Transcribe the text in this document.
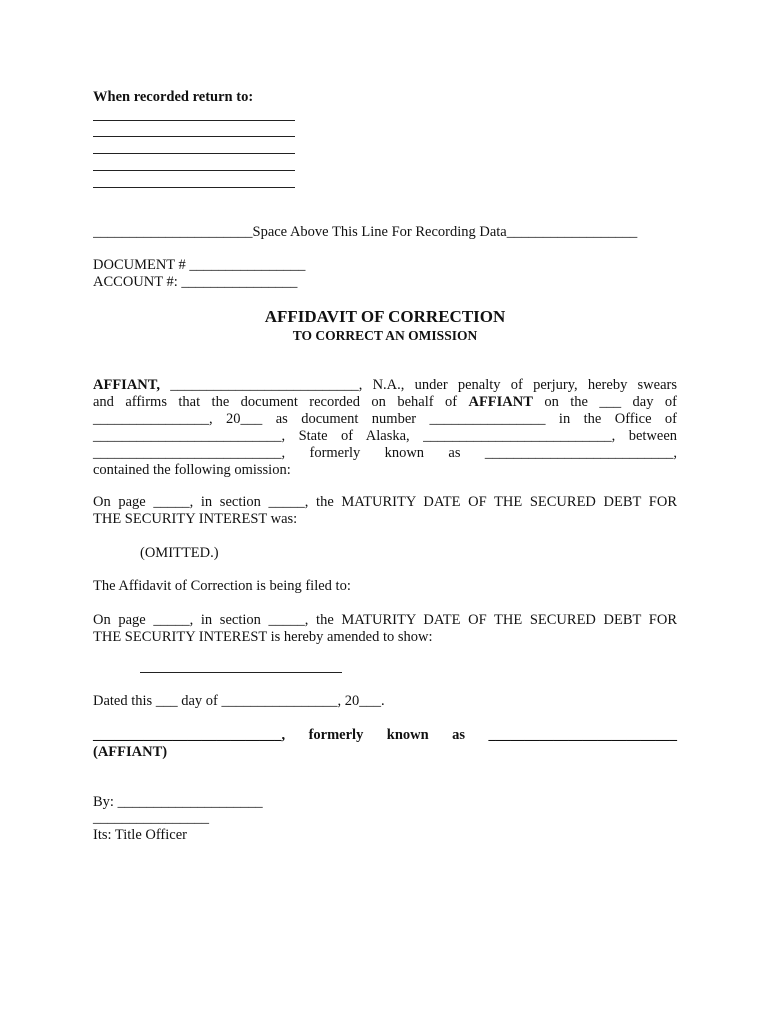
When recorded return to:
______________________Space Above This Line For Recording Data__________________
DOCUMENT # ________________
ACCOUNT #: ________________
AFFIDAVIT OF CORRECTION
TO CORRECT AN OMISSION

AFFIANT, __________________________, N.A., under penalty of perjury, hereby swears

and affirms that the document recorded on behalf of AFFIANT on the ___ day of

________________, 20___ as document number ________________ in the Office of

__________________________, State of Alaska, __________________________, between

__________________________, formerly known as __________________________,

contained the following omission:

On page _____, in section _____, the MATURITY DATE OF THE SECURED DEBT FOR

THE SECURITY INTEREST was:

(OMITTED.)
The Affidavit of Correction is being filed to:

On page _____, in section _____, the MATURITY DATE OF THE SECURED DEBT FOR

THE SECURITY INTEREST is hereby amended to show:

Dated this ___ day of ________________, 20___.

__________________________, formerly known as __________________________

(AFFIANT)

By: ____________________
________________
Its: Title Officer
